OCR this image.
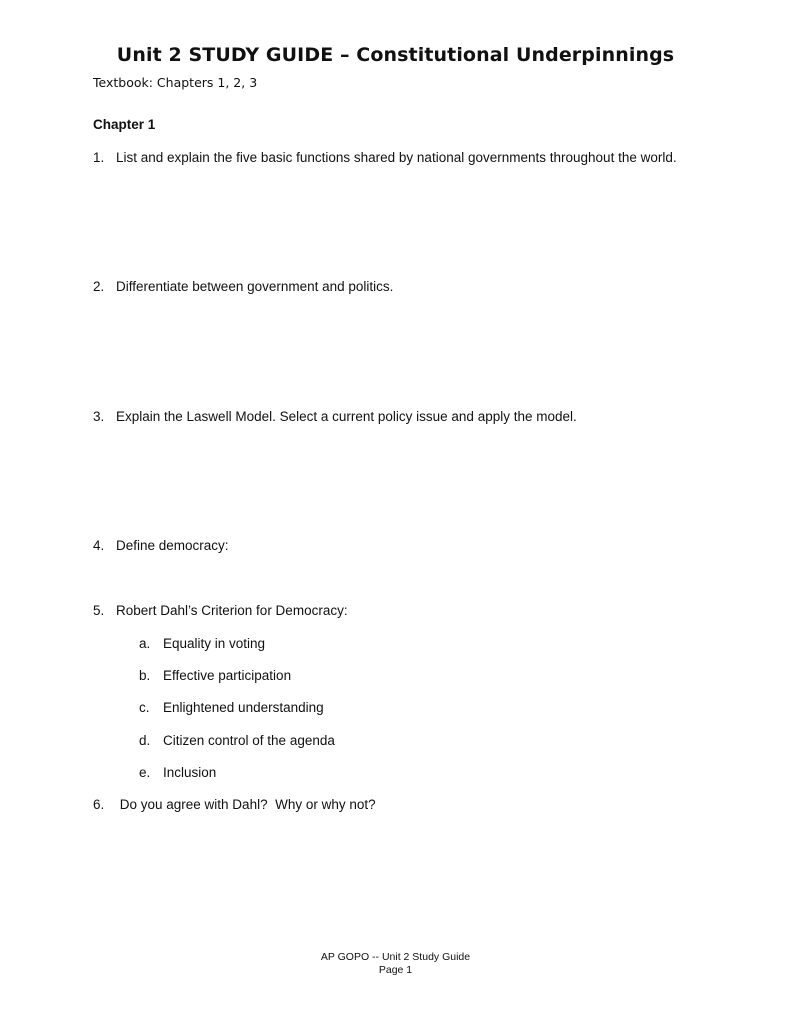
Unit 2 STUDY GUIDE – Constitutional Underpinnings
Textbook: Chapters 1, 2, 3
Chapter 1
1. List and explain the five basic functions shared by national governments throughout the world.
2. Differentiate between government and politics.
3. Explain the Laswell Model. Select a current policy issue and apply the model.
4. Define democracy:
5. Robert Dahl’s Criterion for Democracy:
a. Equality in voting
b. Effective participation
c. Enlightened understanding
d. Citizen control of the agenda
e. Inclusion
6. Do you agree with Dahl?  Why or why not?
AP GOPO -- Unit 2 Study Guide
Page 1
